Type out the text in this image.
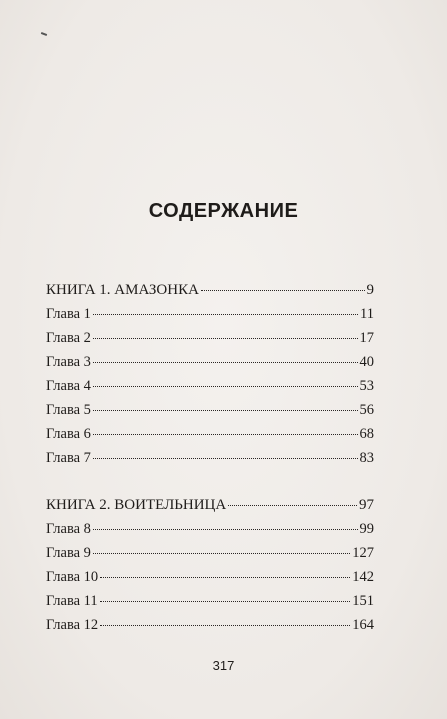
СОДЕРЖАНИЕ
КНИГА 1. АМАЗОНКА	9
Глава 1	11
Глава 2	17
Глава 3	40
Глава 4	53
Глава 5	56
Глава 6	68
Глава 7	83
КНИГА 2. ВОИТЕЛЬНИЦА	97
Глава 8	99
Глава 9	127
Глава 10	142
Глава 11	151
Глава 12	164
317
